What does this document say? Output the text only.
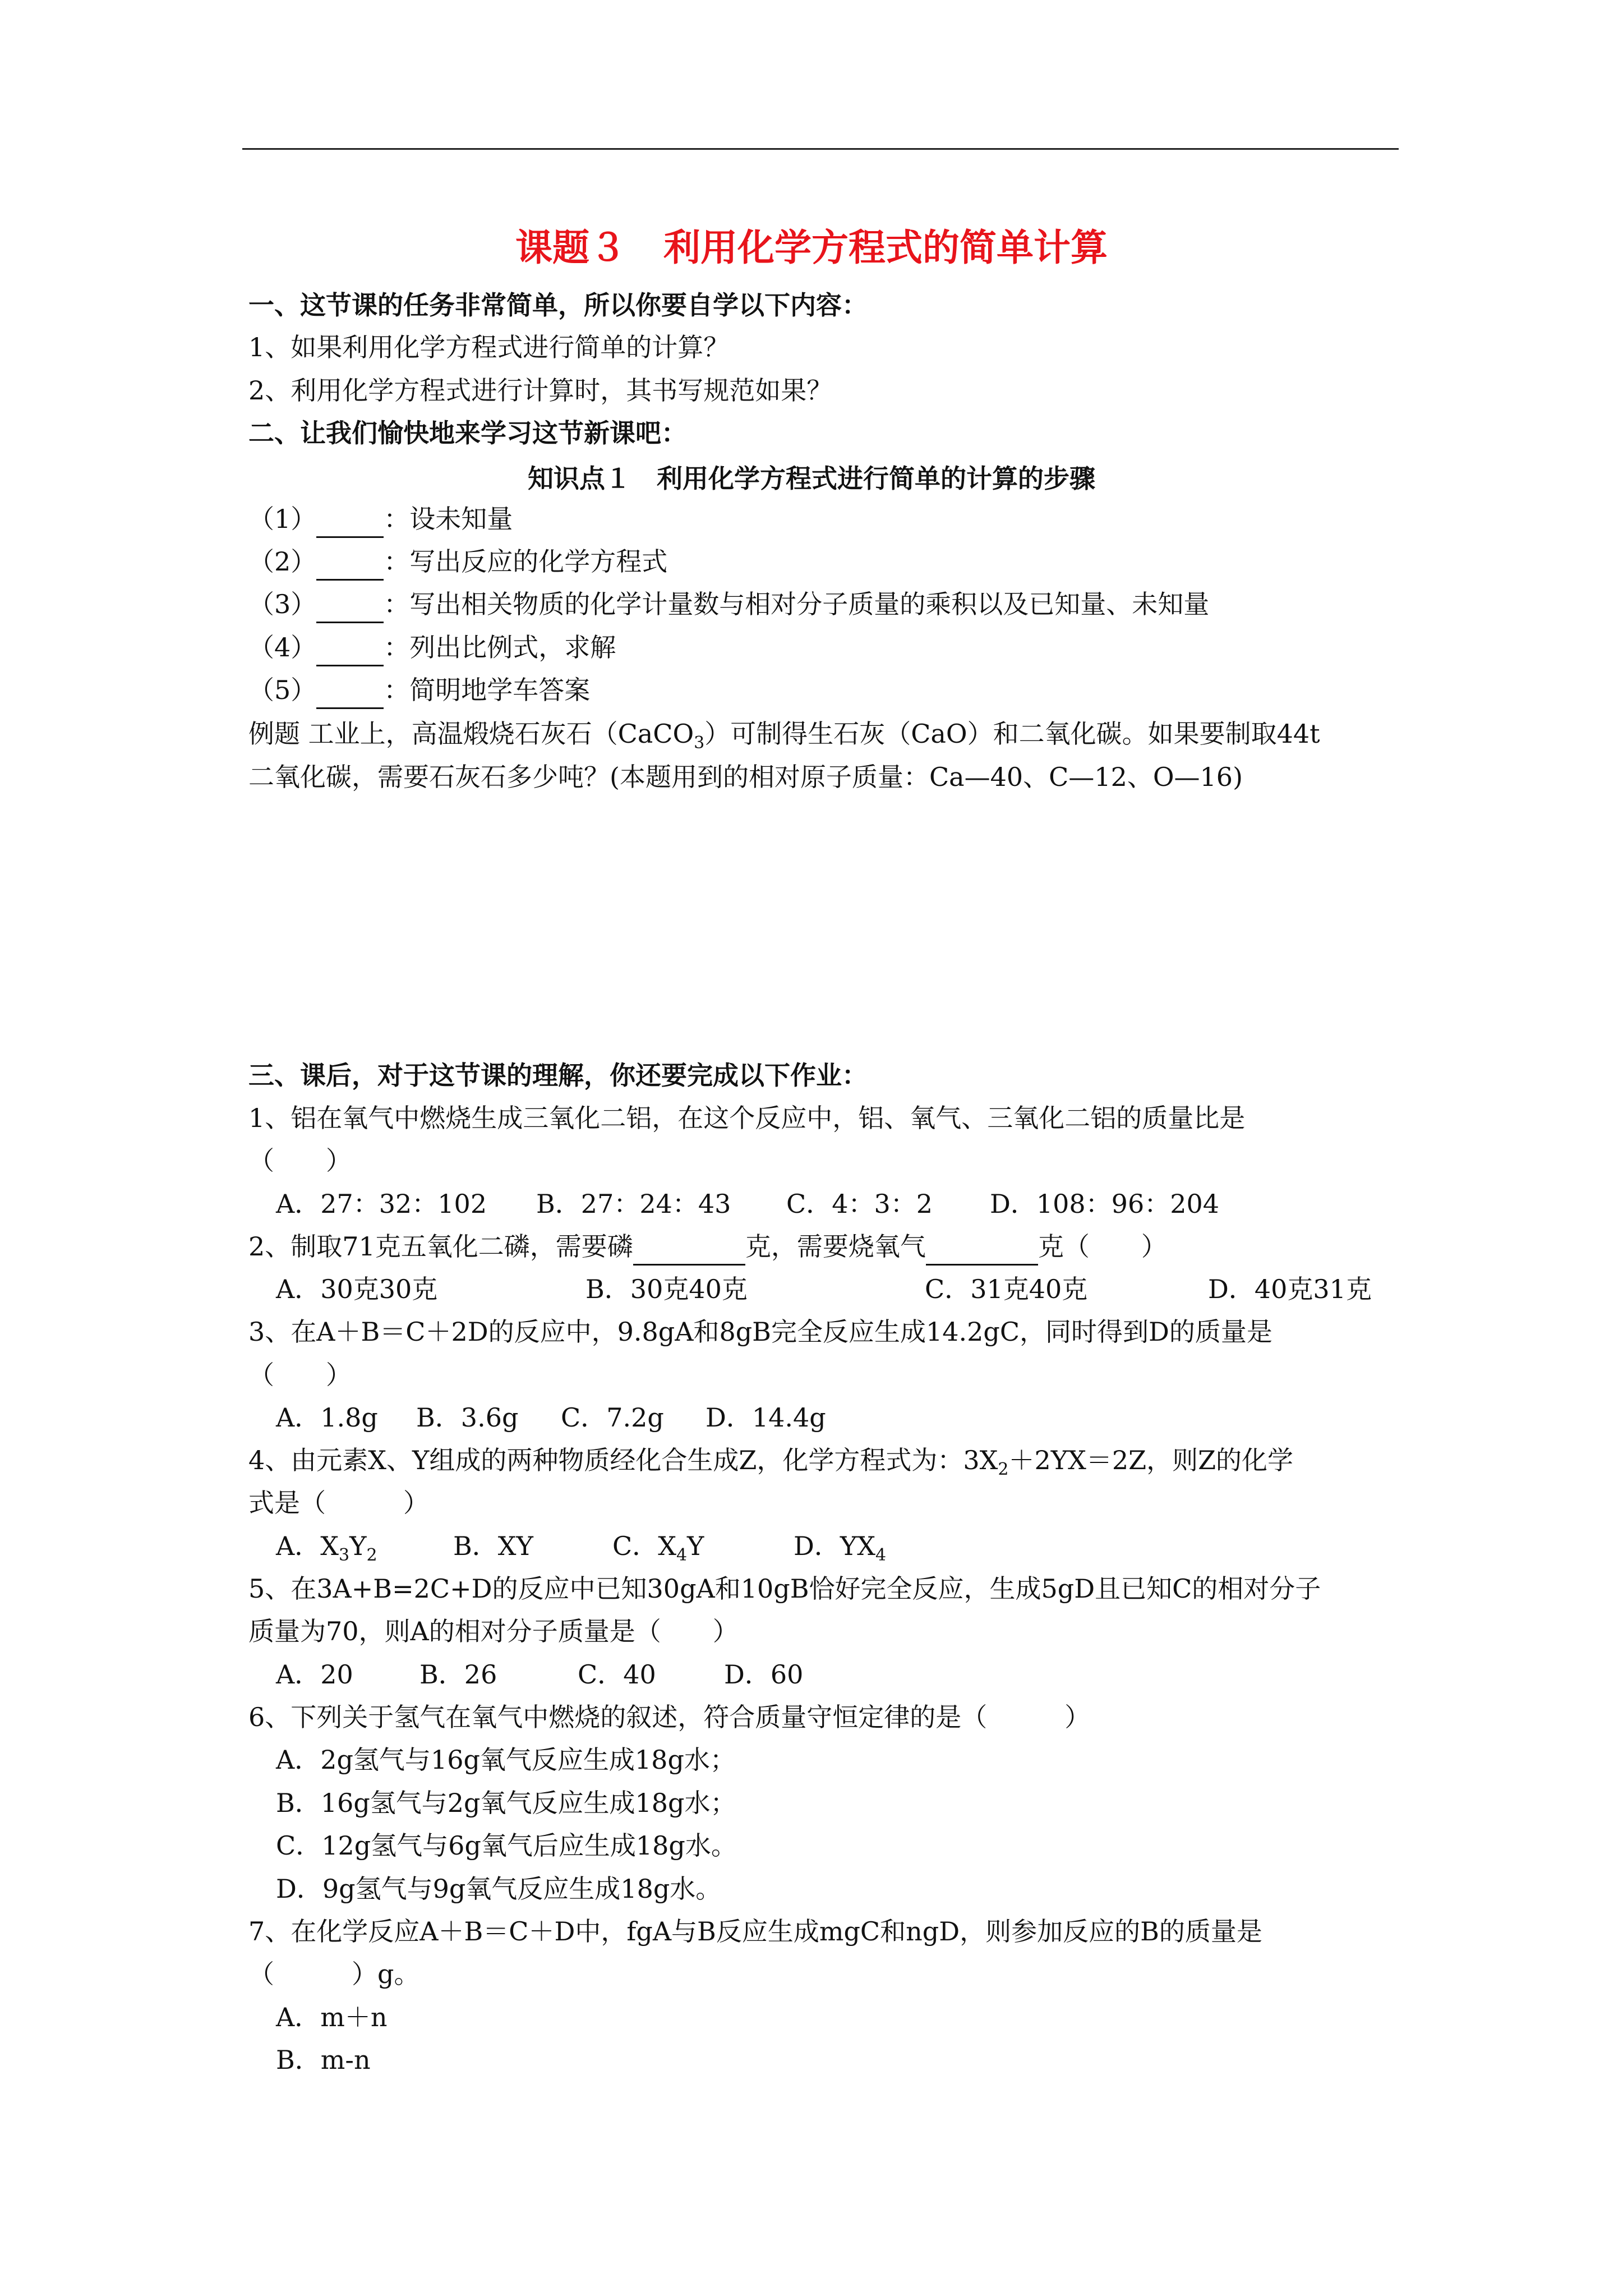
课题３　利用化学方程式的简单计算
一、这节课的任务非常简单，所以你要自学以下内容：
1、如果利用化学方程式进行简单的计算？
2、利用化学方程式进行计算时，其书写规范如果？
二、让我们愉快地来学习这节新课吧：
知识点１　利用化学方程式进行简单的计算的步骤
（1）	：设未知量
（2）	：写出反应的化学方程式
（3）	：写出相关物质的化学计量数与相对分子质量的乘积以及已知量、未知量
（4）	：列出比例式，求解
（5）	：简明地学车答案
例题 工业上，高温煅烧石灰石（CaCO$_3$）可制得生石灰（CaO）和二氧化碳。如果要制取44t
二氧化碳，需要石灰石多少吨？(本题用到的相对原子质量：Ca—40、C—12、O—16)
三、课后，对于这节课的理解，你还要完成以下作业：
1、铝在氧气中燃烧生成三氧化二铝，在这个反应中，铝、氧气、三氧化二铝的质量比是
（　　）
A．27：32：102 B．27：24：43 C．4：3：2 D．108：96：204
2、制取71克五氧化二磷，需要磷	克，需要烧氧气	克（　　）
A．30克30克	B．30克40克	C．31克40克	D．40克31克
3、在A＋B＝C＋2D的反应中，9.8gA和8gB完全反应生成14.2gC，同时得到D的质量是
（　　）
A．1.8g B．3.6g C．7.2g D．14.4g
4、由元素X、Y组成的两种物质经化合生成Z，化学方程式为：$3X_2+2YX=2Z$，则Z的化学
式是（　　　）
A．$X_3Y_2$	B．XY	C．$X_4Y$	D．$YX_4$
5、在3A+B=2C+D的反应中已知30gA和10gB恰好完全反应，生成5gD且已知C的相对分子
质量为70，则A的相对分子质量是（　　）
A．20	B．26	C．40	D．60
6、下列关于氢气在氧气中燃烧的叙述，符合质量守恒定律的是（　　　）
A．2g氢气与16g氧气反应生成18g水；
B．16g氢气与2g氧气反应生成18g水；
C．12g氢气与6g氧气后应生成18g水。
D．9g氢气与9g氧气反应生成18g水。
7、在化学反应A＋B＝C＋D中，fgA与B反应生成mgC和ngD，则参加反应的B的质量是
（　　　）g。
A．m＋n
B．m-n
